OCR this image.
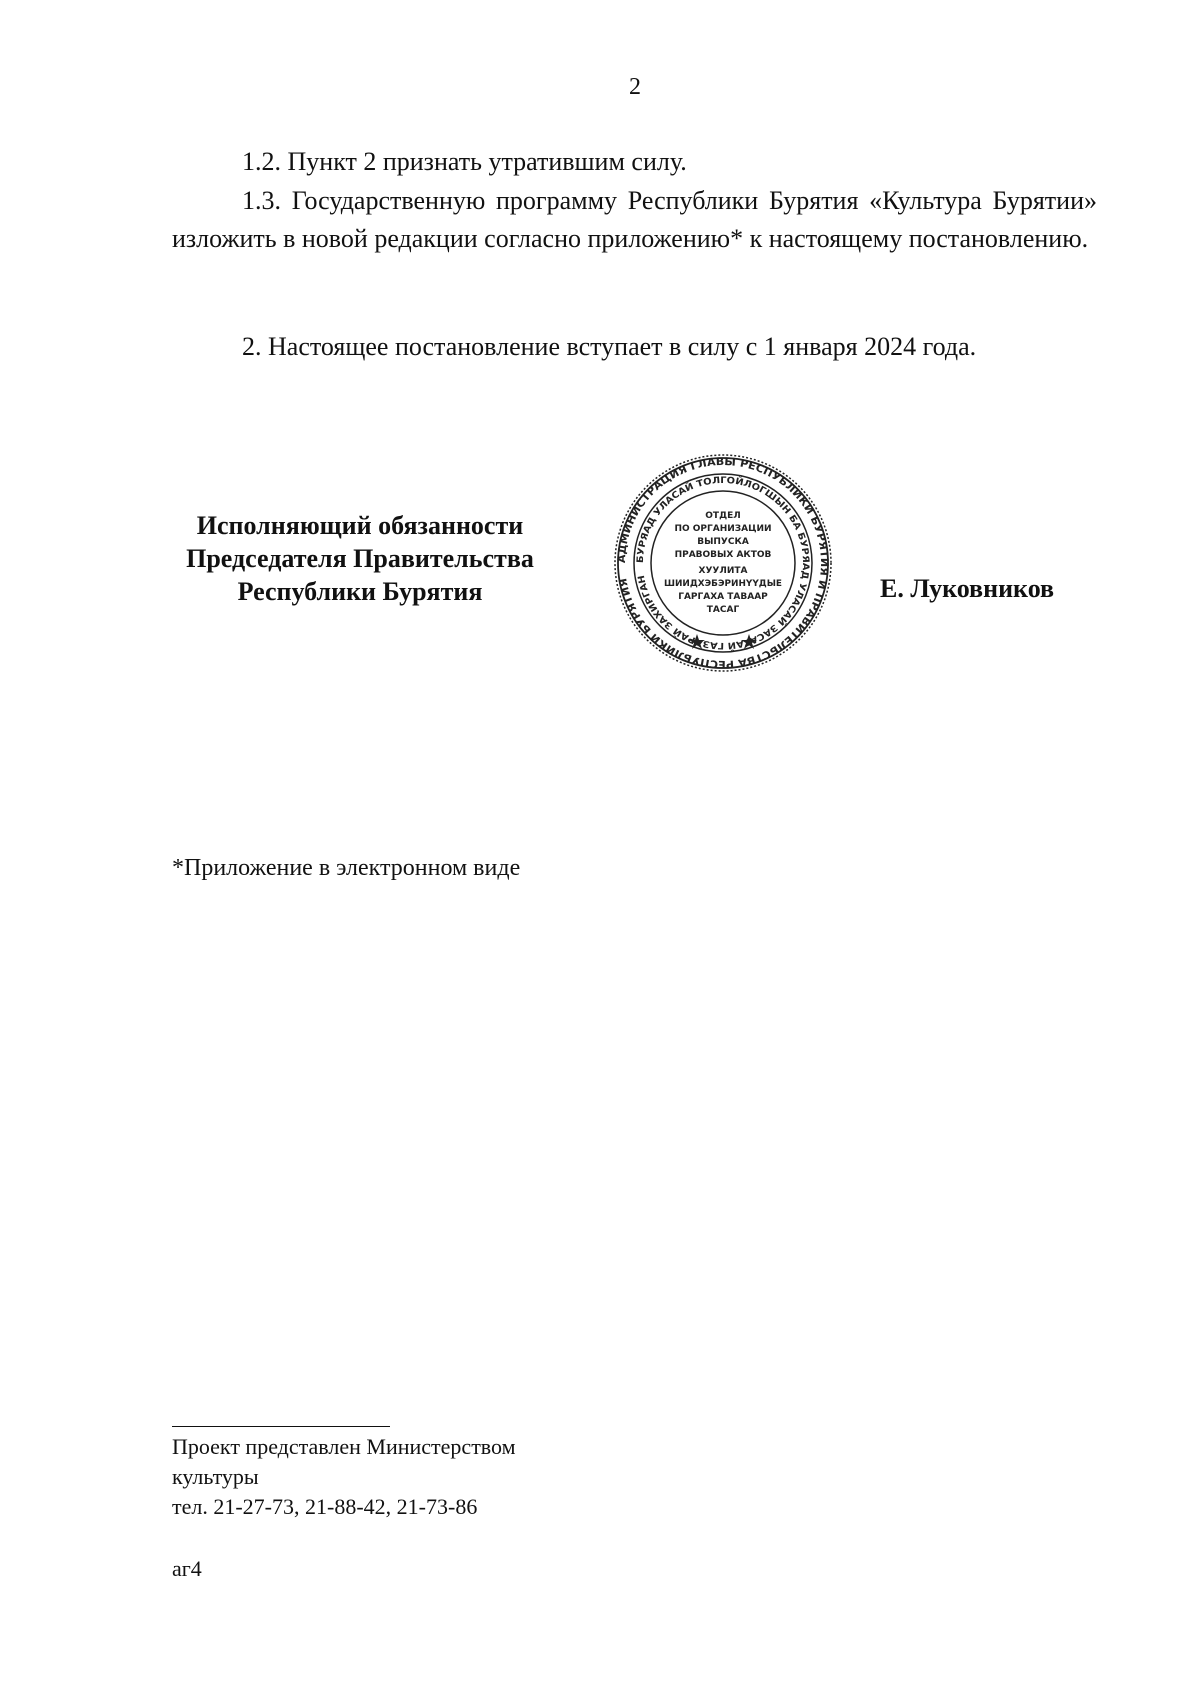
2

1.2. Пункт 2 признать утратившим силу.

1.3. Государственную программу Республики Бурятия «Культура Бурятии» изложить в новой редакции согласно приложению* к настоящему постановлению.

2. Настоящее постановление вступает в силу с 1 января 2024 года.

Исполняющий обязанности
Председателя Правительства
Республики Бурятия
АДМИНИСТРАЦИЯ ГЛАВЫ РЕСПУБЛИКИ БУРЯТИЯ И ПРАВИТЕЛЬСТВА РЕСПУБЛИКИ БУРЯТИЯ
БУРЯАД УЛАСАЙ ТОЛГОЙЛОГШЫН БА БУРЯАД УЛАСАЙ ЗАСА АЙ ГАЗ РАЙ ЗАХИРГАН
ОТДЕЛ
ПО ОРГАНИЗАЦИИ
ВЫПУСКА
ПРАВОВЫХ АКТОВ
ХУУЛИТА
ШИИДХЭБЭРИНҮҮДЫЕ
ГАРГАХА ТАВААР
ТАСАГ
Е. Луковников
*Приложение в электронном виде
Проект представлен Министерством
культуры
тел. 21-27-73, 21-88-42, 21-73-86
аг4
